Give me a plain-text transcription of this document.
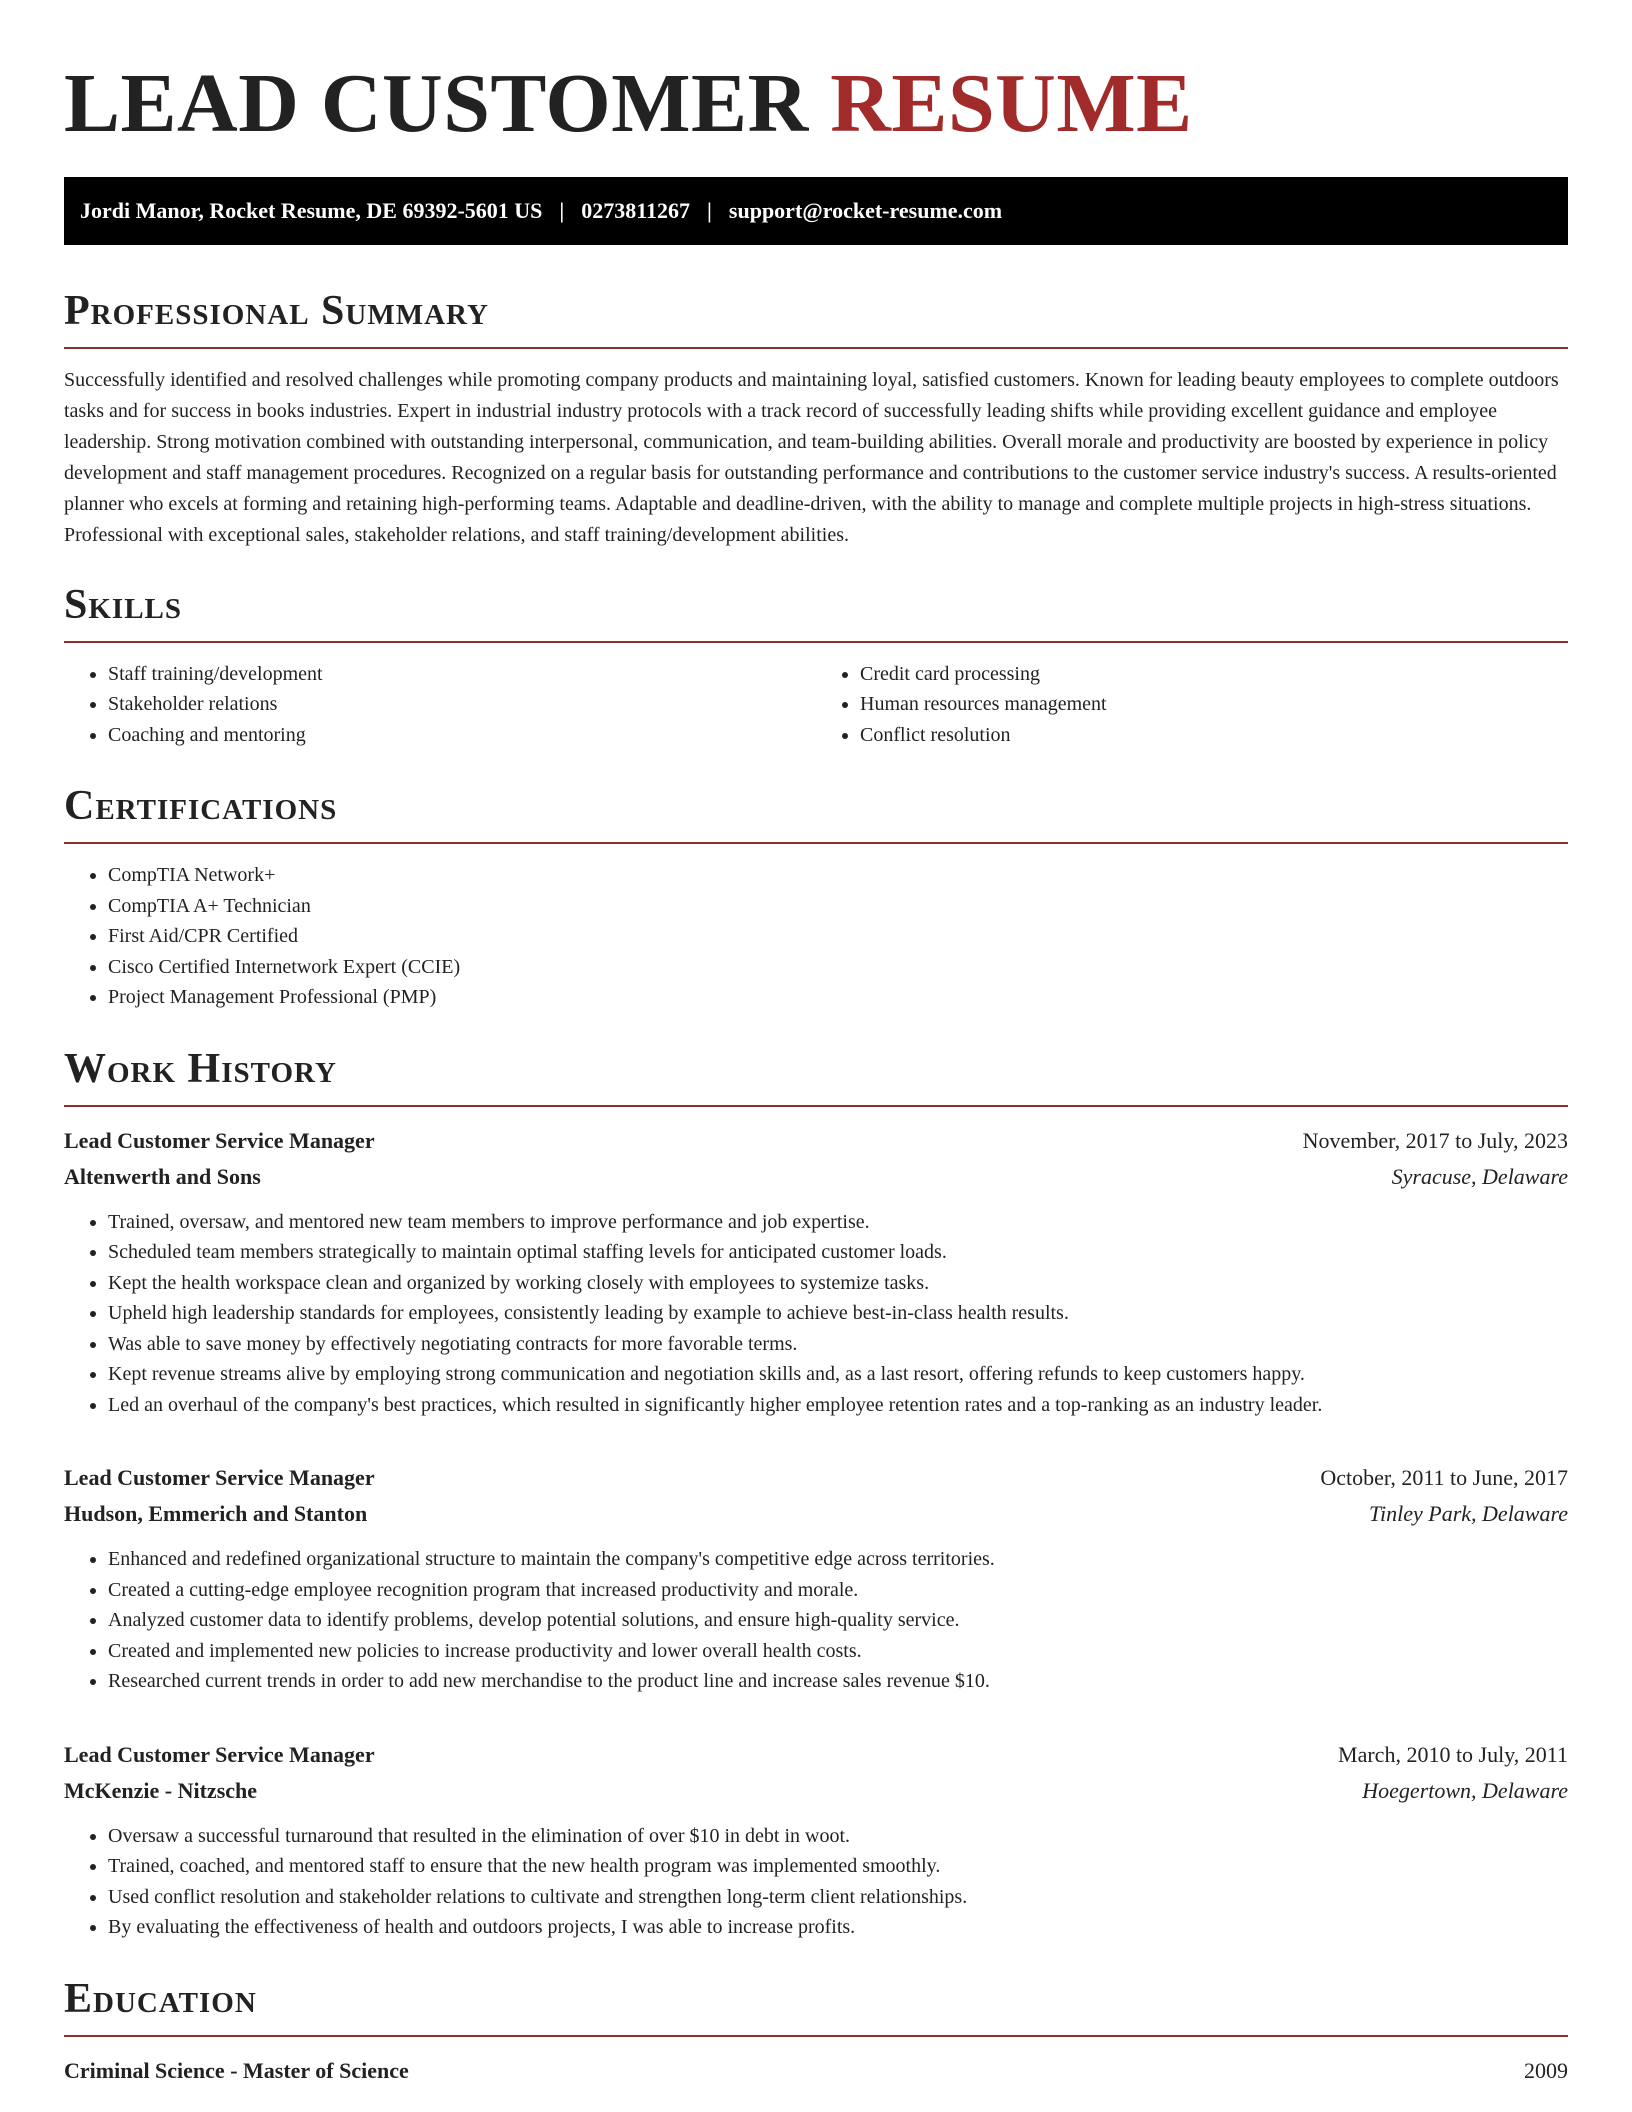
LEAD CUSTOMER RESUME
Jordi Manor, Rocket Resume, DE 69392-5601 US | 0273811267 | support@rocket-resume.com
Professional Summary

Successfully identified and resolved challenges while promoting company products and maintaining loyal, satisfied customers. Known for leading beauty employees to complete outdoors tasks and for success in books industries. Expert in industrial industry protocols with a track record of successfully leading shifts while providing excellent guidance and employee leadership. Strong motivation combined with outstanding interpersonal, communication, and team-building abilities. Overall morale and productivity are boosted by experience in policy development and staff management procedures. Recognized on a regular basis for outstanding performance and contributions to the customer service industry's success. A results-oriented planner who excels at forming and retaining high-performing teams. Adaptable and deadline-driven, with the ability to manage and complete multiple projects in high-stress situations. Professional with exceptional sales, stakeholder relations, and staff training/development abilities.

Skills
• Staff training/development
• Stakeholder relations
• Coaching and mentoring
• Credit card processing
• Human resources management
• Conflict resolution
Certifications
• CompTIA Network+
• CompTIA A+ Technician
• First Aid/CPR Certified
• Cisco Certified Internetwork Expert (CCIE)
• Project Management Professional (PMP)
Work History
Lead Customer Service Manager	November, 2017 to July, 2023
Altenwerth and Sons	Syracuse, Delaware
• Trained, oversaw, and mentored new team members to improve performance and job expertise.
• Scheduled team members strategically to maintain optimal staffing levels for anticipated customer loads.
• Kept the health workspace clean and organized by working closely with employees to systemize tasks.
• Upheld high leadership standards for employees, consistently leading by example to achieve best-in-class health results.
• Was able to save money by effectively negotiating contracts for more favorable terms.
• Kept revenue streams alive by employing strong communication and negotiation skills and, as a last resort, offering refunds to keep customers happy.
• Led an overhaul of the company's best practices, which resulted in significantly higher employee retention rates and a top-ranking as an industry leader.
Lead Customer Service Manager	October, 2011 to June, 2017
Hudson, Emmerich and Stanton	Tinley Park, Delaware
• Enhanced and redefined organizational structure to maintain the company's competitive edge across territories.
• Created a cutting-edge employee recognition program that increased productivity and morale.
• Analyzed customer data to identify problems, develop potential solutions, and ensure high-quality service.
• Created and implemented new policies to increase productivity and lower overall health costs.
• Researched current trends in order to add new merchandise to the product line and increase sales revenue $10.
Lead Customer Service Manager	March, 2010 to July, 2011
McKenzie - Nitzsche	Hoegertown, Delaware
• Oversaw a successful turnaround that resulted in the elimination of over $10 in debt in woot.
• Trained, coached, and mentored staff to ensure that the new health program was implemented smoothly.
• Used conflict resolution and stakeholder relations to cultivate and strengthen long-term client relationships.
• By evaluating the effectiveness of health and outdoors projects, I was able to increase profits.
Education
Criminal Science - Master of Science	2009
